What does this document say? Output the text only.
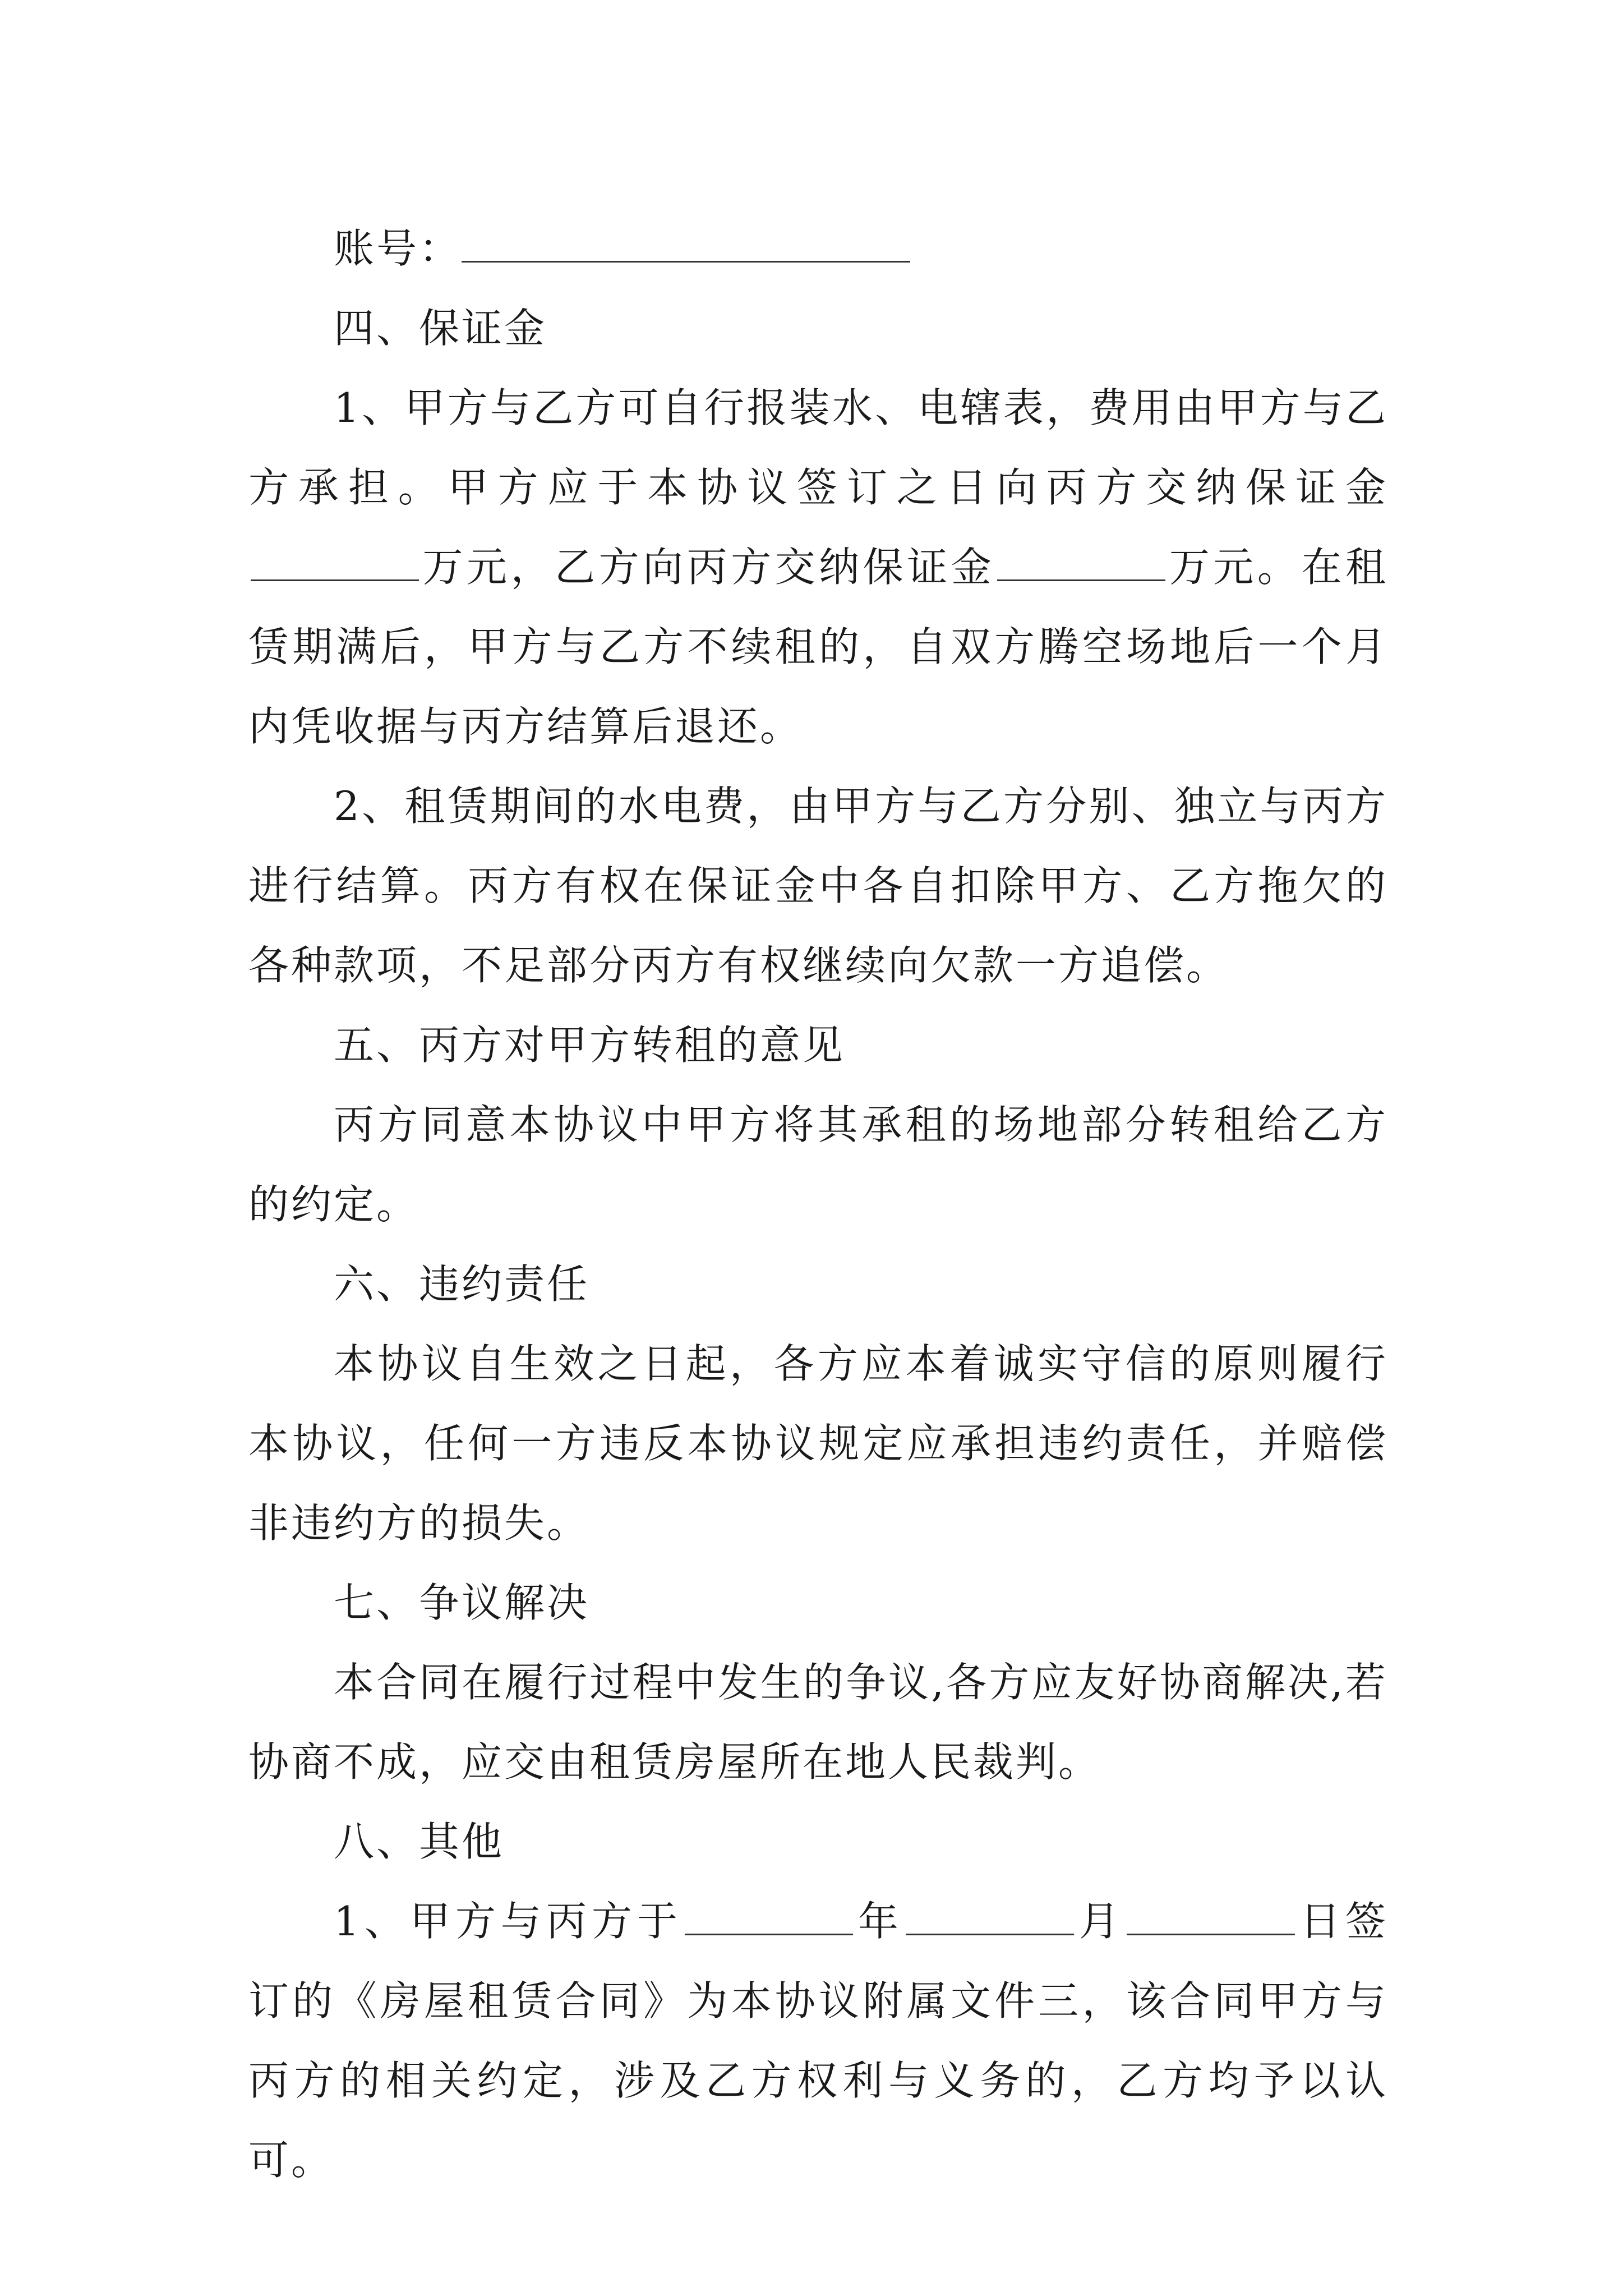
账号：

四、保证金

1、甲方与乙方可自行报装水、电辖表，费用由甲方与乙方承担。甲方应于本协议签订之日向丙方交纳保证金万元，乙方向丙方交纳保证金	万元。在租赁期满后，甲方与乙方不续租的，自双方腾空场地后一个月内凭收据与丙方结算后退还。

2、租赁期间的水电费，由甲方与乙方分别、独立与丙方进行结算。丙方有权在保证金中各自扣除甲方、乙方拖欠的各种款项，不足部分丙方有权继续向欠款一方追偿。

五、丙方对甲方转租的意见

丙方同意本协议中甲方将其承租的场地部分转租给乙方的约定。

六、违约责任

本协议自生效之日起，各方应本着诚实守信的原则履行本协议，任何一方违反本协议规定应承担违约责任，并赔偿非违约方的损失。

七、争议解决

本合同在履行过程中发生的争议,各方应友好协商解决,若协商不成，应交由租赁房屋所在地人民裁判。

八、其他

1、甲方与丙方于	年	月	日签订的《房屋租赁合同》为本协议附属文件三，该合同甲方与丙方的相关约定，涉及乙方权利与义务的，乙方均予以认可。
